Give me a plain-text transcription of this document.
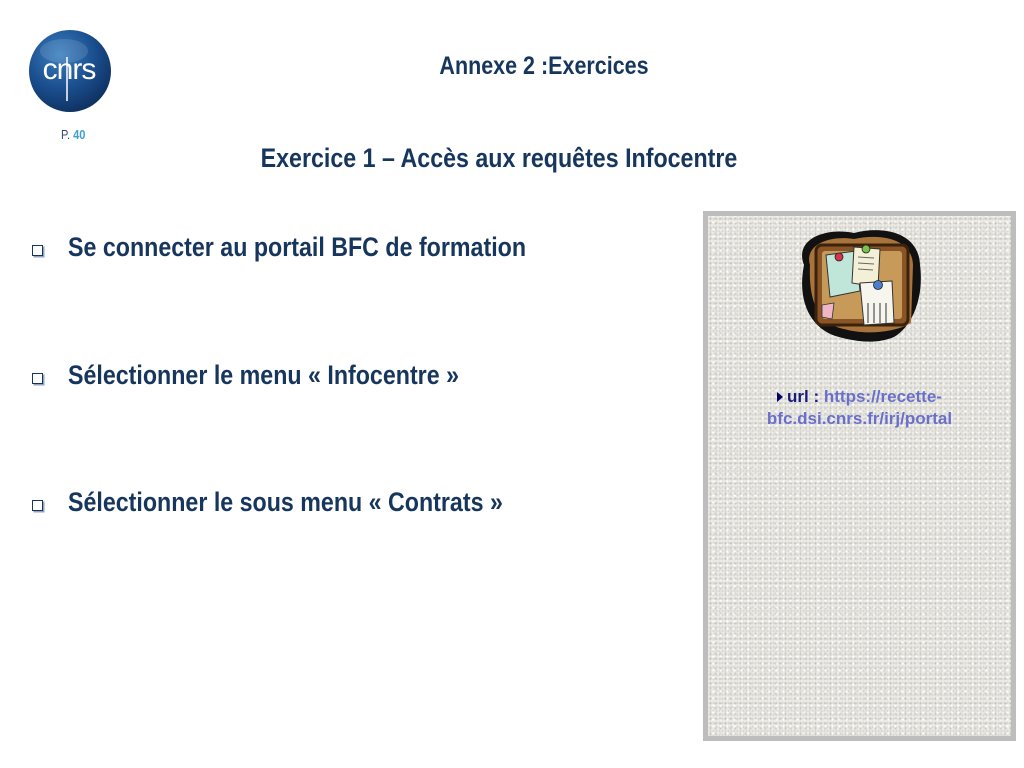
cnrs
P. 40
Annexe 2 :Exercices
Exercice 1 – Accès aux requêtes Infocentre
Se connecter au portail BFC de formation
Sélectionner le menu « Infocentre »
Sélectionner le sous menu « Contrats »
url : https://recette-
bfc.dsi.cnrs.fr/irj/portal
